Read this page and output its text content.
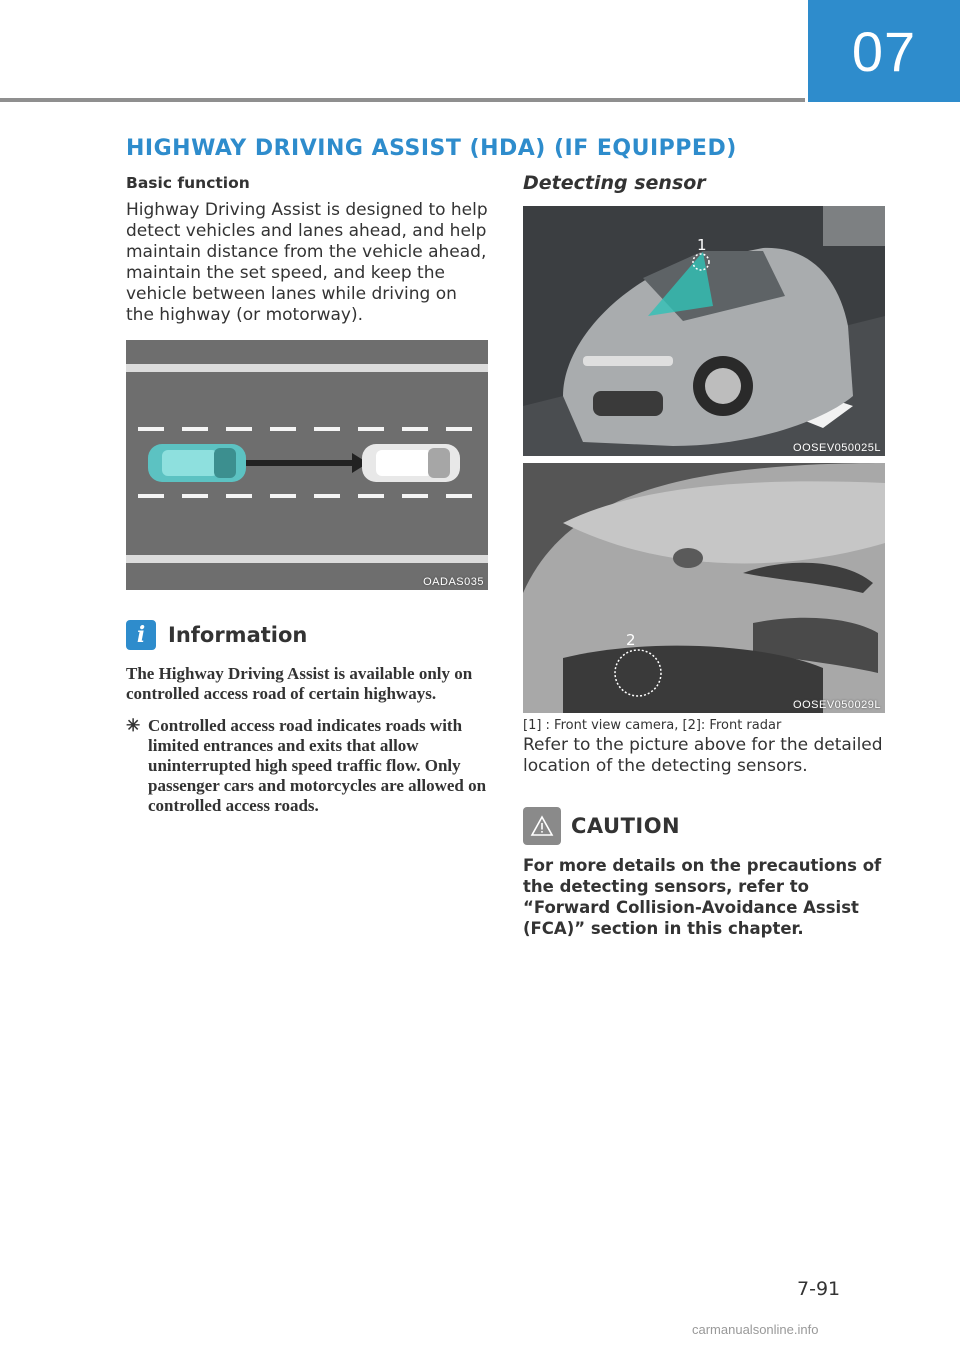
07
HIGHWAY DRIVING ASSIST (HDA) (IF EQUIPPED)
Basic function

Highway Driving Assist is designed to help detect vehicles and lanes ahead, and help maintain distance from the vehicle ahead, maintain the set speed, and keep the vehicle between lanes while driving on the highway (or motorway).

OADAS035
i	Information

The Highway Driving Assist is available only on controlled access road of certain highways.

✳ Controlled access road indicates roads with limited entrances and exits that allow uninterrupted high speed traffic flow. Only passenger cars and motorcycles are allowed on controlled access roads.
Detecting sensor
1
OOSEV050025L
2
OOSEV050029L
[1] : Front view camera, [2]: Front radar

Refer to the picture above for the detailed location of the detecting sensors.

CAUTION

For more details on the precautions of the detecting sensors, refer to “Forward Collision-Avoidance Assist (FCA)” section in this chapter.

7-91
carmanualsonline.info
